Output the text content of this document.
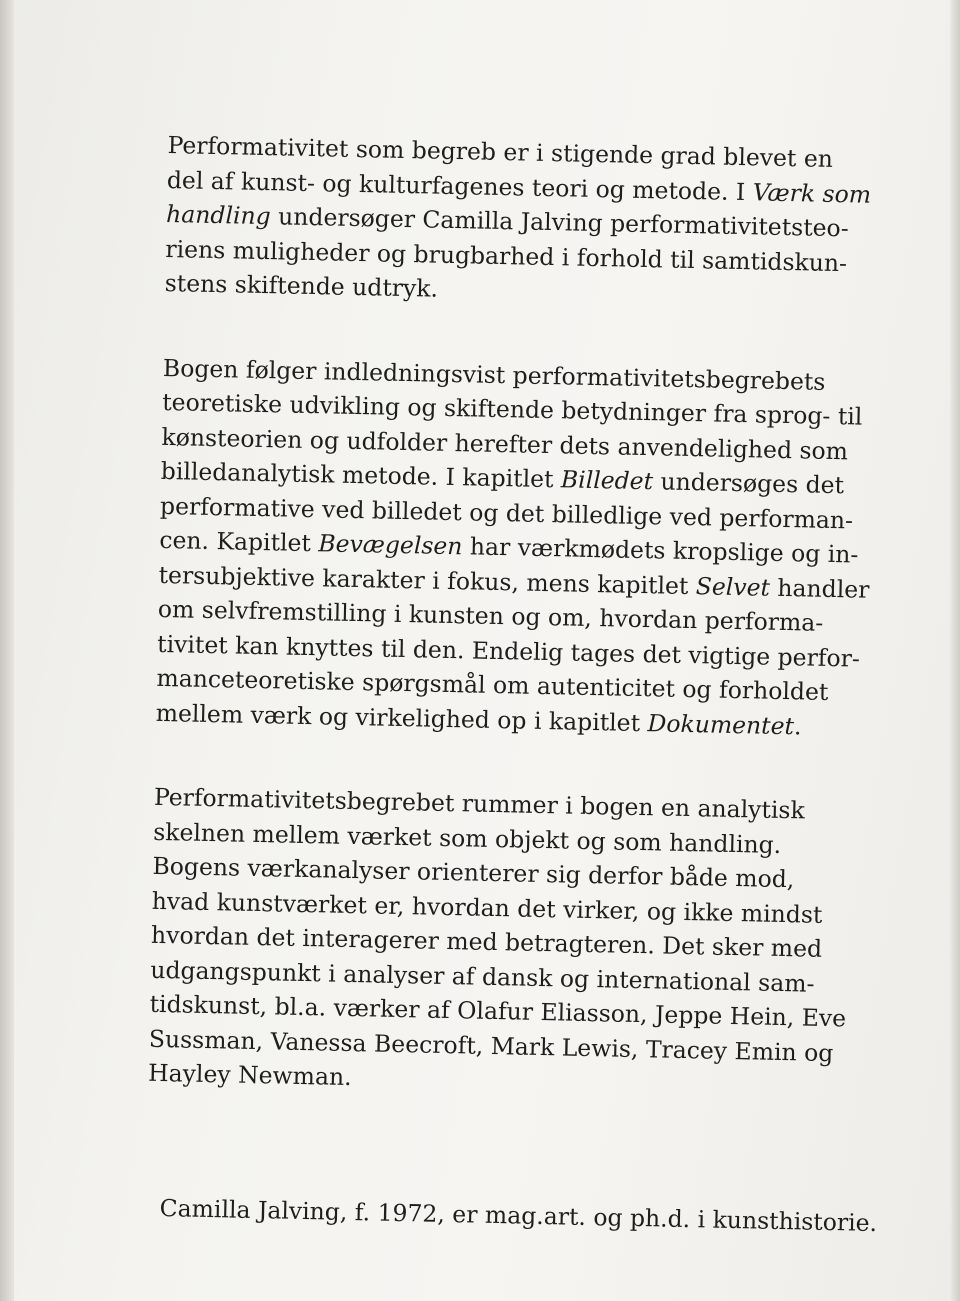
Performativitet som begreb er i stigende grad blevet en
del af kunst- og kulturfagenes teori og metode. I Værk som
handling undersøger Camilla Jalving performativitetsteo-
riens muligheder og brugbarhed i forhold til samtidskun-
stens skiftende udtryk.

Bogen følger indledningsvist performativitetsbegrebets
teoretiske udvikling og skiftende betydninger fra sprog- til
kønsteorien og udfolder herefter dets anvendelighed som
billedanalytisk metode. I kapitlet Billedet undersøges det
performative ved billedet og det billedlige ved performan-
cen. Kapitlet Bevægelsen har værkmødets kropslige og in-
tersubjektive karakter i fokus, mens kapitlet Selvet handler
om selvfremstilling i kunsten og om, hvordan performa-
tivitet kan knyttes til den. Endelig tages det vigtige perfor-
manceteoretiske spørgsmål om autenticitet og forholdet
mellem værk og virkelighed op i kapitlet Dokumentet.

Performativitetsbegrebet rummer i bogen en analytisk
skelnen mellem værket som objekt og som handling.
Bogens værkanalyser orienterer sig derfor både mod,
hvad kunstværket er, hvordan det virker, og ikke mindst
hvordan det interagerer med betragteren. Det sker med
udgangspunkt i analyser af dansk og international sam-
tidskunst, bl.a. værker af Olafur Eliasson, Jeppe Hein, Eve
Sussman, Vanessa Beecroft, Mark Lewis, Tracey Emin og
Hayley Newman.

Camilla Jalving, f. 1972, er mag.art. og ph.d. i kunsthistorie.
